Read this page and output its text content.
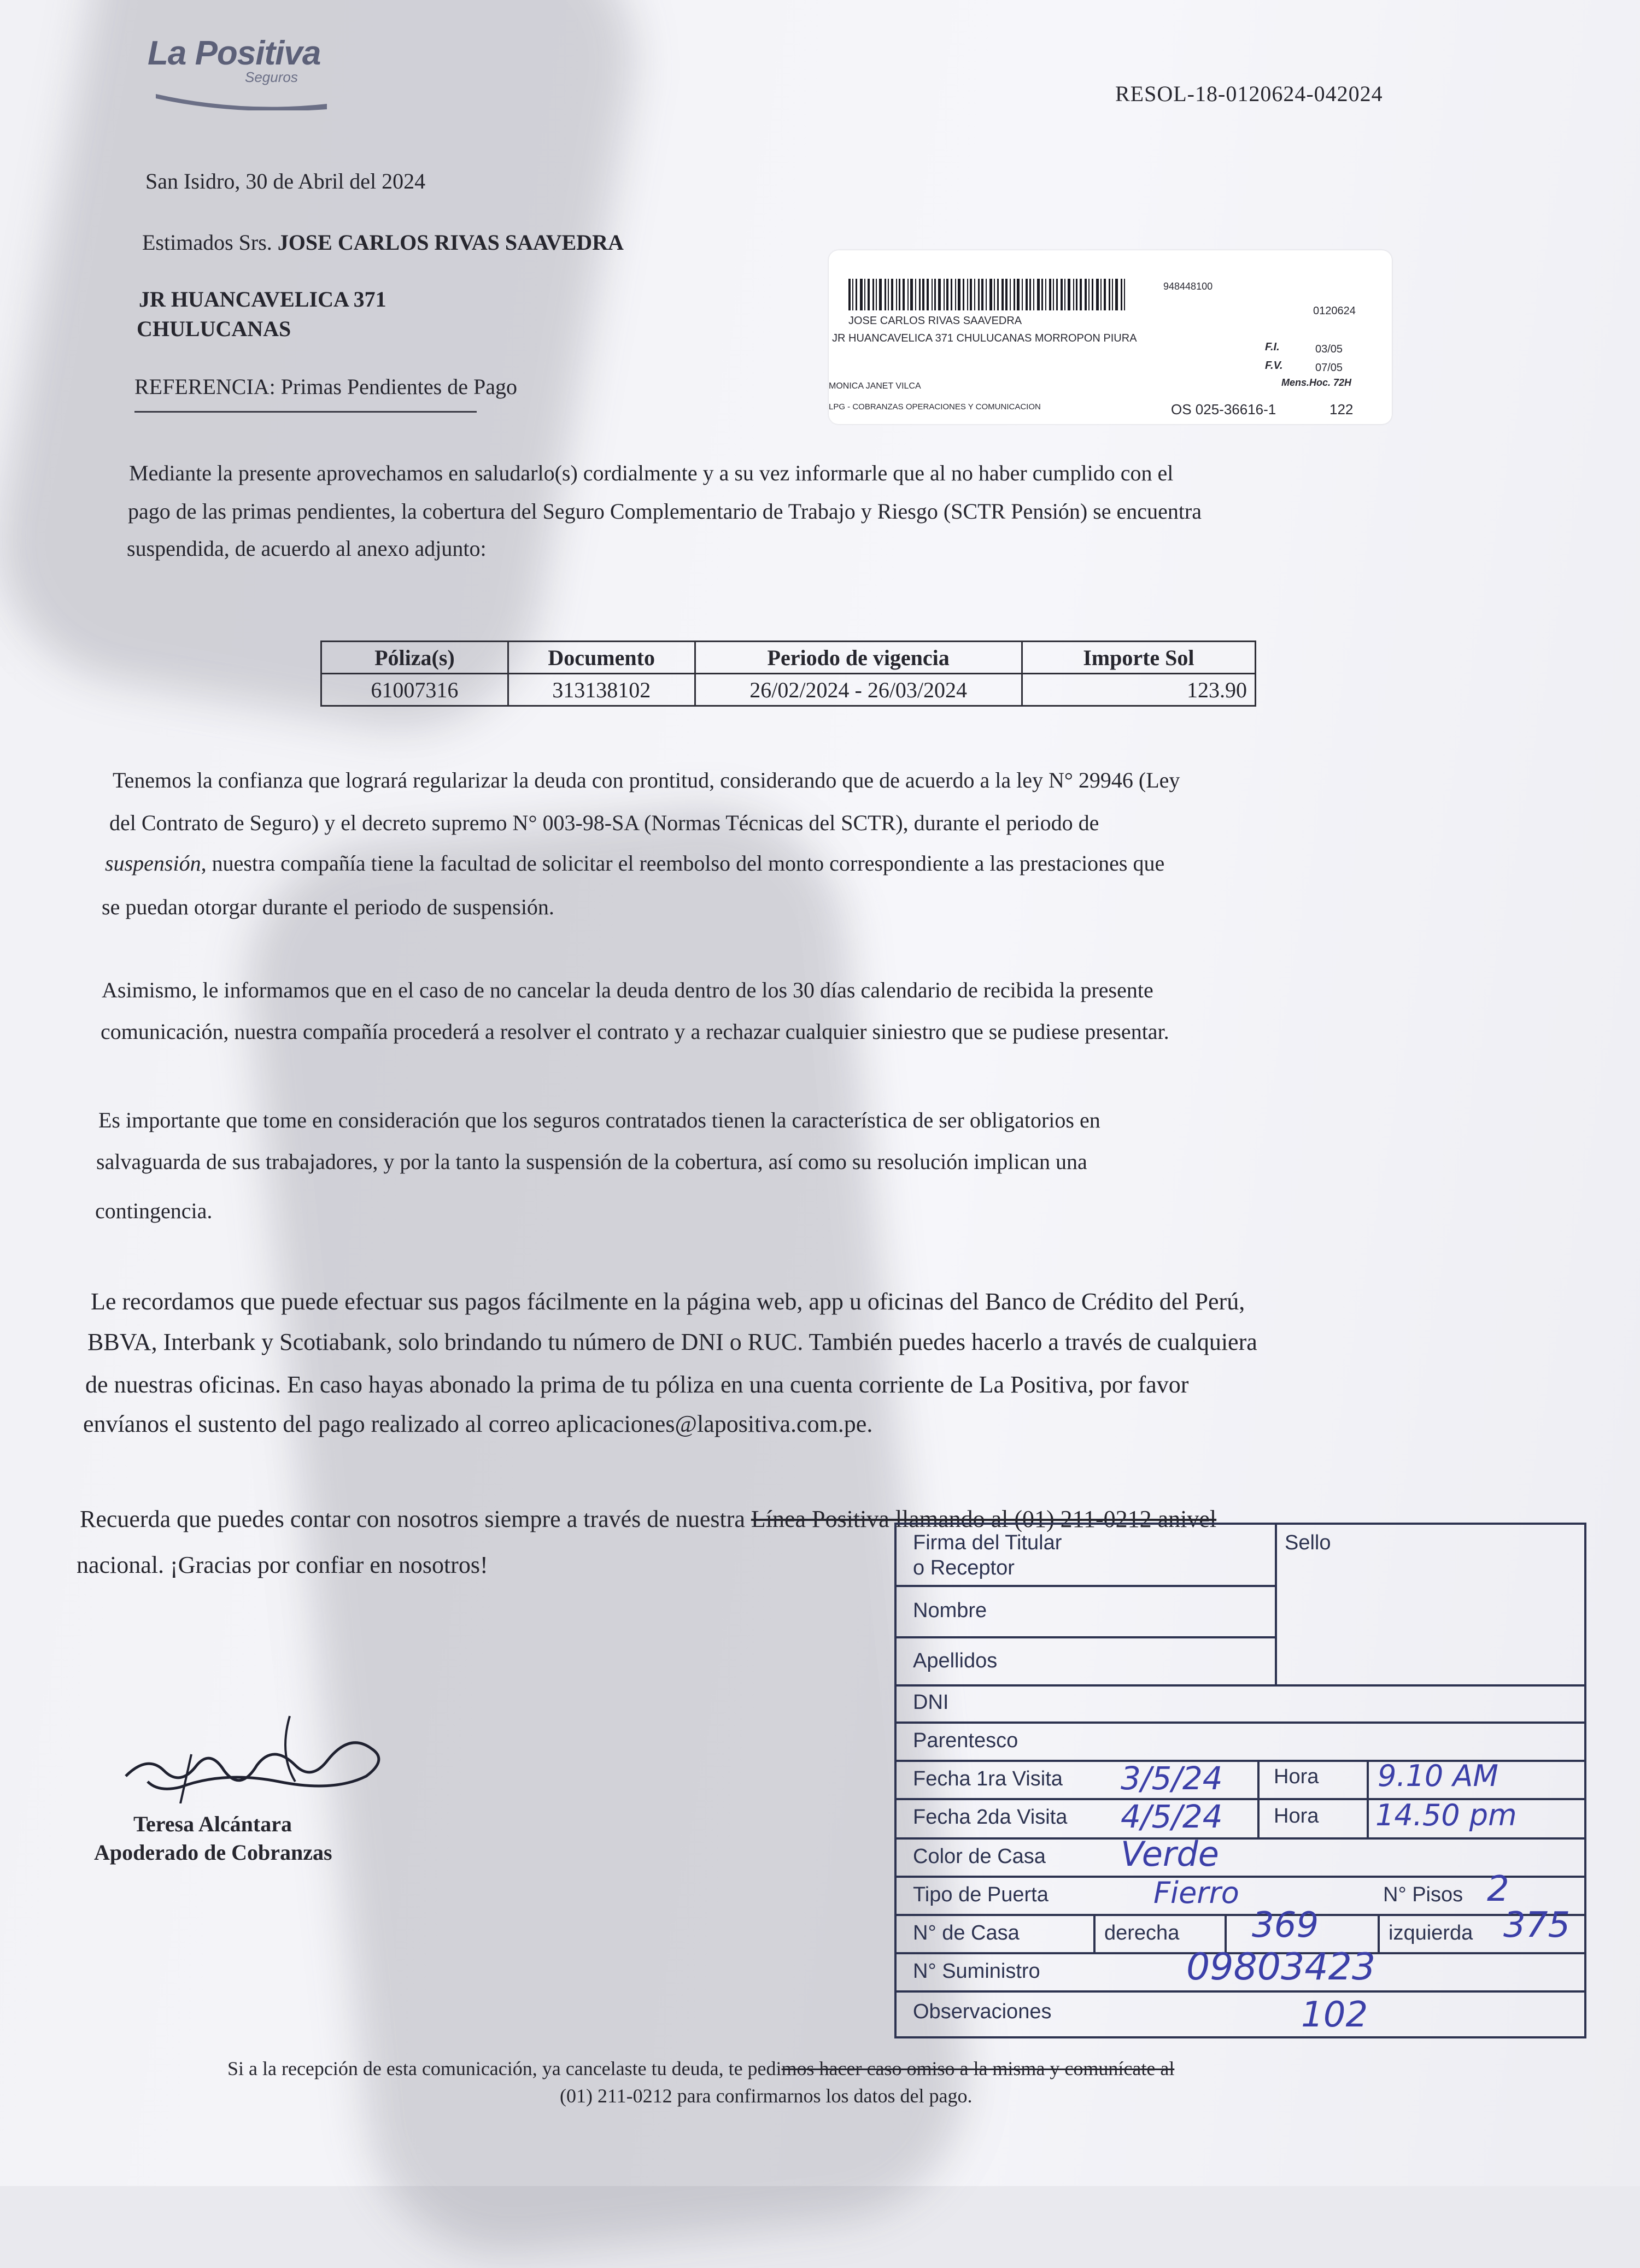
La Positiva
Seguros
RESOL-18-0120624-042024
San Isidro, 30 de Abril del 2024
Estimados Srs. JOSE CARLOS RIVAS SAAVEDRA
JR HUANCAVELICA 371
CHULUCANAS
REFERENCIA: Primas Pendientes de Pago
948448100
0120624
JOSE CARLOS RIVAS SAAVEDRA
JR HUANCAVELICA 371 CHULUCANAS MORROPON PIURA
F.I.	03/05
F.V.	07/05
MONICA JANET VILCA	Mens.Hoc. 72H
LPG - COBRANZAS OPERACIONES Y COMUNICACION	OS 025-36616-1	122
Mediante la presente aprovechamos en saludarlo(s) cordialmente y a su vez informarle que al no haber cumplido con el
pago de las primas pendientes, la cobertura del Seguro Complementario de Trabajo y Riesgo (SCTR Pensión) se encuentra
suspendida, de acuerdo al anexo adjunto:
Póliza(s)	Documento	Periodo de vigencia	Importe Sol
61007316	313138102	26/02/2024 - 26/03/2024	123.90
Tenemos la confianza que logrará regularizar la deuda con prontitud, considerando que de acuerdo a la ley N° 29946 (Ley
del Contrato de Seguro) y el decreto supremo N° 003-98-SA (Normas Técnicas del SCTR), durante el periodo de
suspensión, nuestra compañía tiene la facultad de solicitar el reembolso del monto correspondiente a las prestaciones que
se puedan otorgar durante el periodo de suspensión.
Asimismo, le informamos que en el caso de no cancelar la deuda dentro de los 30 días calendario de recibida la presente
comunicación, nuestra compañía procederá a resolver el contrato y a rechazar cualquier siniestro que se pudiese presentar.
Es importante que tome en consideración que los seguros contratados tienen la característica de ser obligatorios en
salvaguarda de sus trabajadores, y por la tanto la suspensión de la cobertura, así como su resolución implican una
contingencia.
Le recordamos que puede efectuar sus pagos fácilmente en la página web, app u oficinas del Banco de Crédito del Perú,
BBVA, Interbank y Scotiabank, solo brindando tu número de DNI o RUC. También puedes hacerlo a través de cualquiera
de nuestras oficinas. En caso hayas abonado la prima de tu póliza en una cuenta corriente de La Positiva, por favor
envíanos el sustento del pago realizado al correo aplicaciones@lapositiva.com.pe.
Recuerda que puedes contar con nosotros siempre a través de nuestra Línea Positiva llamando al (01) 211-0212 anivel
nacional. ¡Gracias por confiar en nosotros!
Teresa Alcántara
Apoderado de Cobranzas
Firma del Titular
o Receptor
Sello
Nombre
Apellidos
DNI
Parentesco
Fecha 1ra Visita 3/5/24 Hora 9.10 AM
Fecha 2da Visita 4/5/24 Hora 14.50 pm
Color de Casa Verde
Tipo de Puerta	Fierro	N° Pisos 2
N° de Casa	derecha 369	izquierda 375
N° Suministro	09803423
Observaciones	102
Si a la recepción de esta comunicación, ya cancelaste tu deuda, te pedimos hacer caso omiso a la misma y comunícate al
(01) 211-0212 para confirmarnos los datos del pago.
